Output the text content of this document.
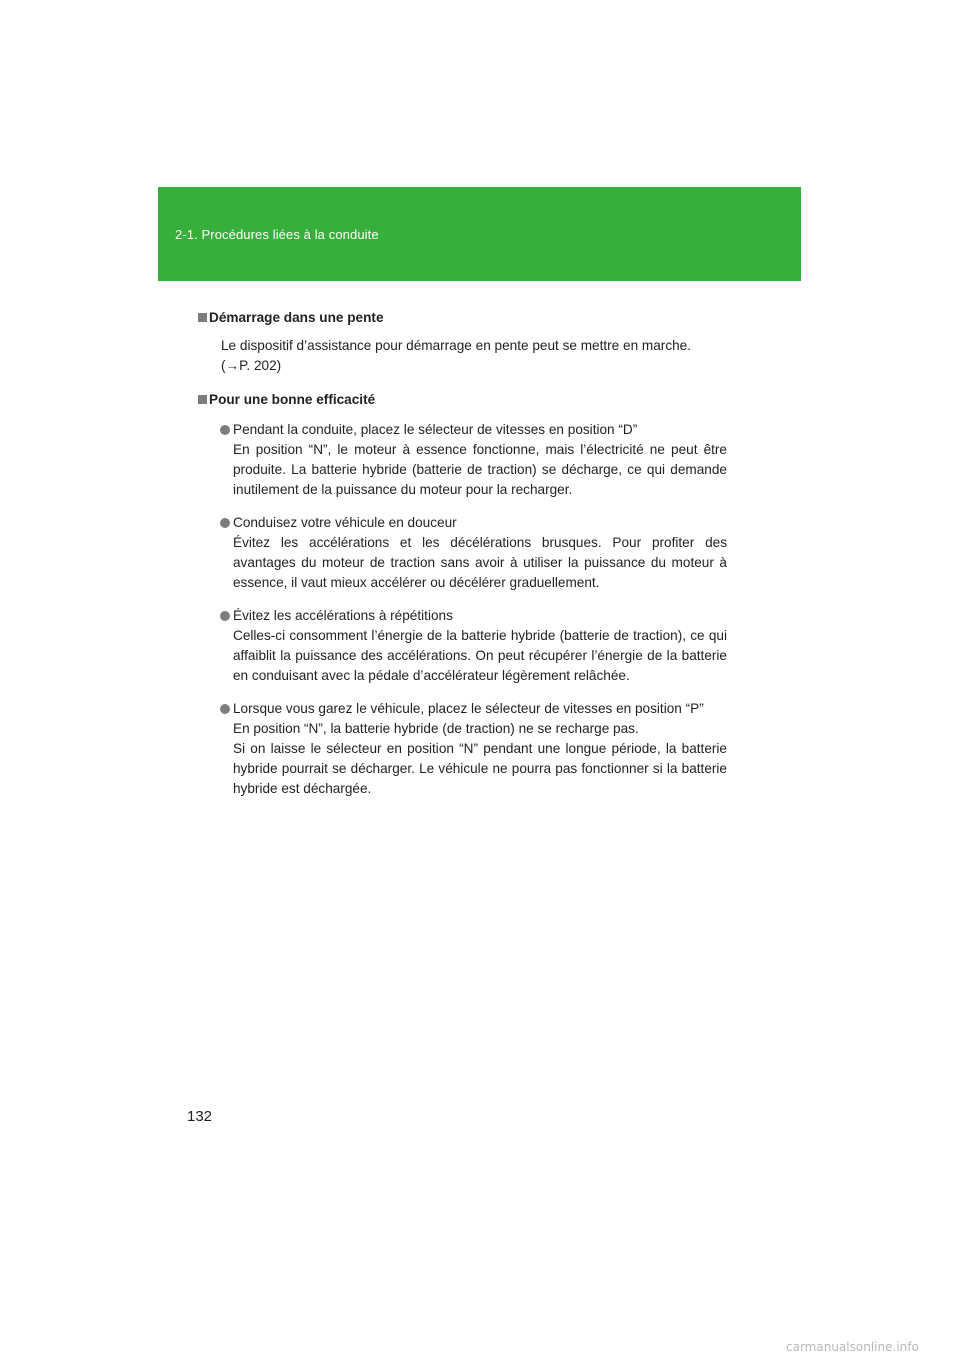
2-1. Procédures liées à la conduite
Démarrage dans une pente
Le dispositif d’assistance pour démarrage en pente peut se mettre en marche.
(→P. 202)
Pour une bonne efficacité
Pendant la conduite, placez le sélecteur de vitesses en position “D”
En position “N”, le moteur à essence fonctionne, mais l’électricité ne peut être produite. La batterie hybride (batterie de traction) se décharge, ce qui demande inutilement de la puissance du moteur pour la recharger.
Conduisez votre véhicule en douceur
Évitez les accélérations et les décélérations brusques. Pour profiter des avantages du moteur de traction sans avoir à utiliser la puissance du moteur à essence, il vaut mieux accélérer ou décélérer graduellement.
Évitez les accélérations à répétitions
Celles-ci consomment l’énergie de la batterie hybride (batterie de traction), ce qui affaiblit la puissance des accélérations. On peut récupérer l’énergie de la batterie en conduisant avec la pédale d’accélérateur légèrement relâchée.
Lorsque vous garez le véhicule, placez le sélecteur de vitesses en position “P”
En position “N”, la batterie hybride (de traction) ne se recharge pas.
Si on laisse le sélecteur en position “N” pendant une longue période, la batterie hybride pourrait se décharger. Le véhicule ne pourra pas fonctionner si la batterie hybride est déchargée.
132
carmanualsonline.info
